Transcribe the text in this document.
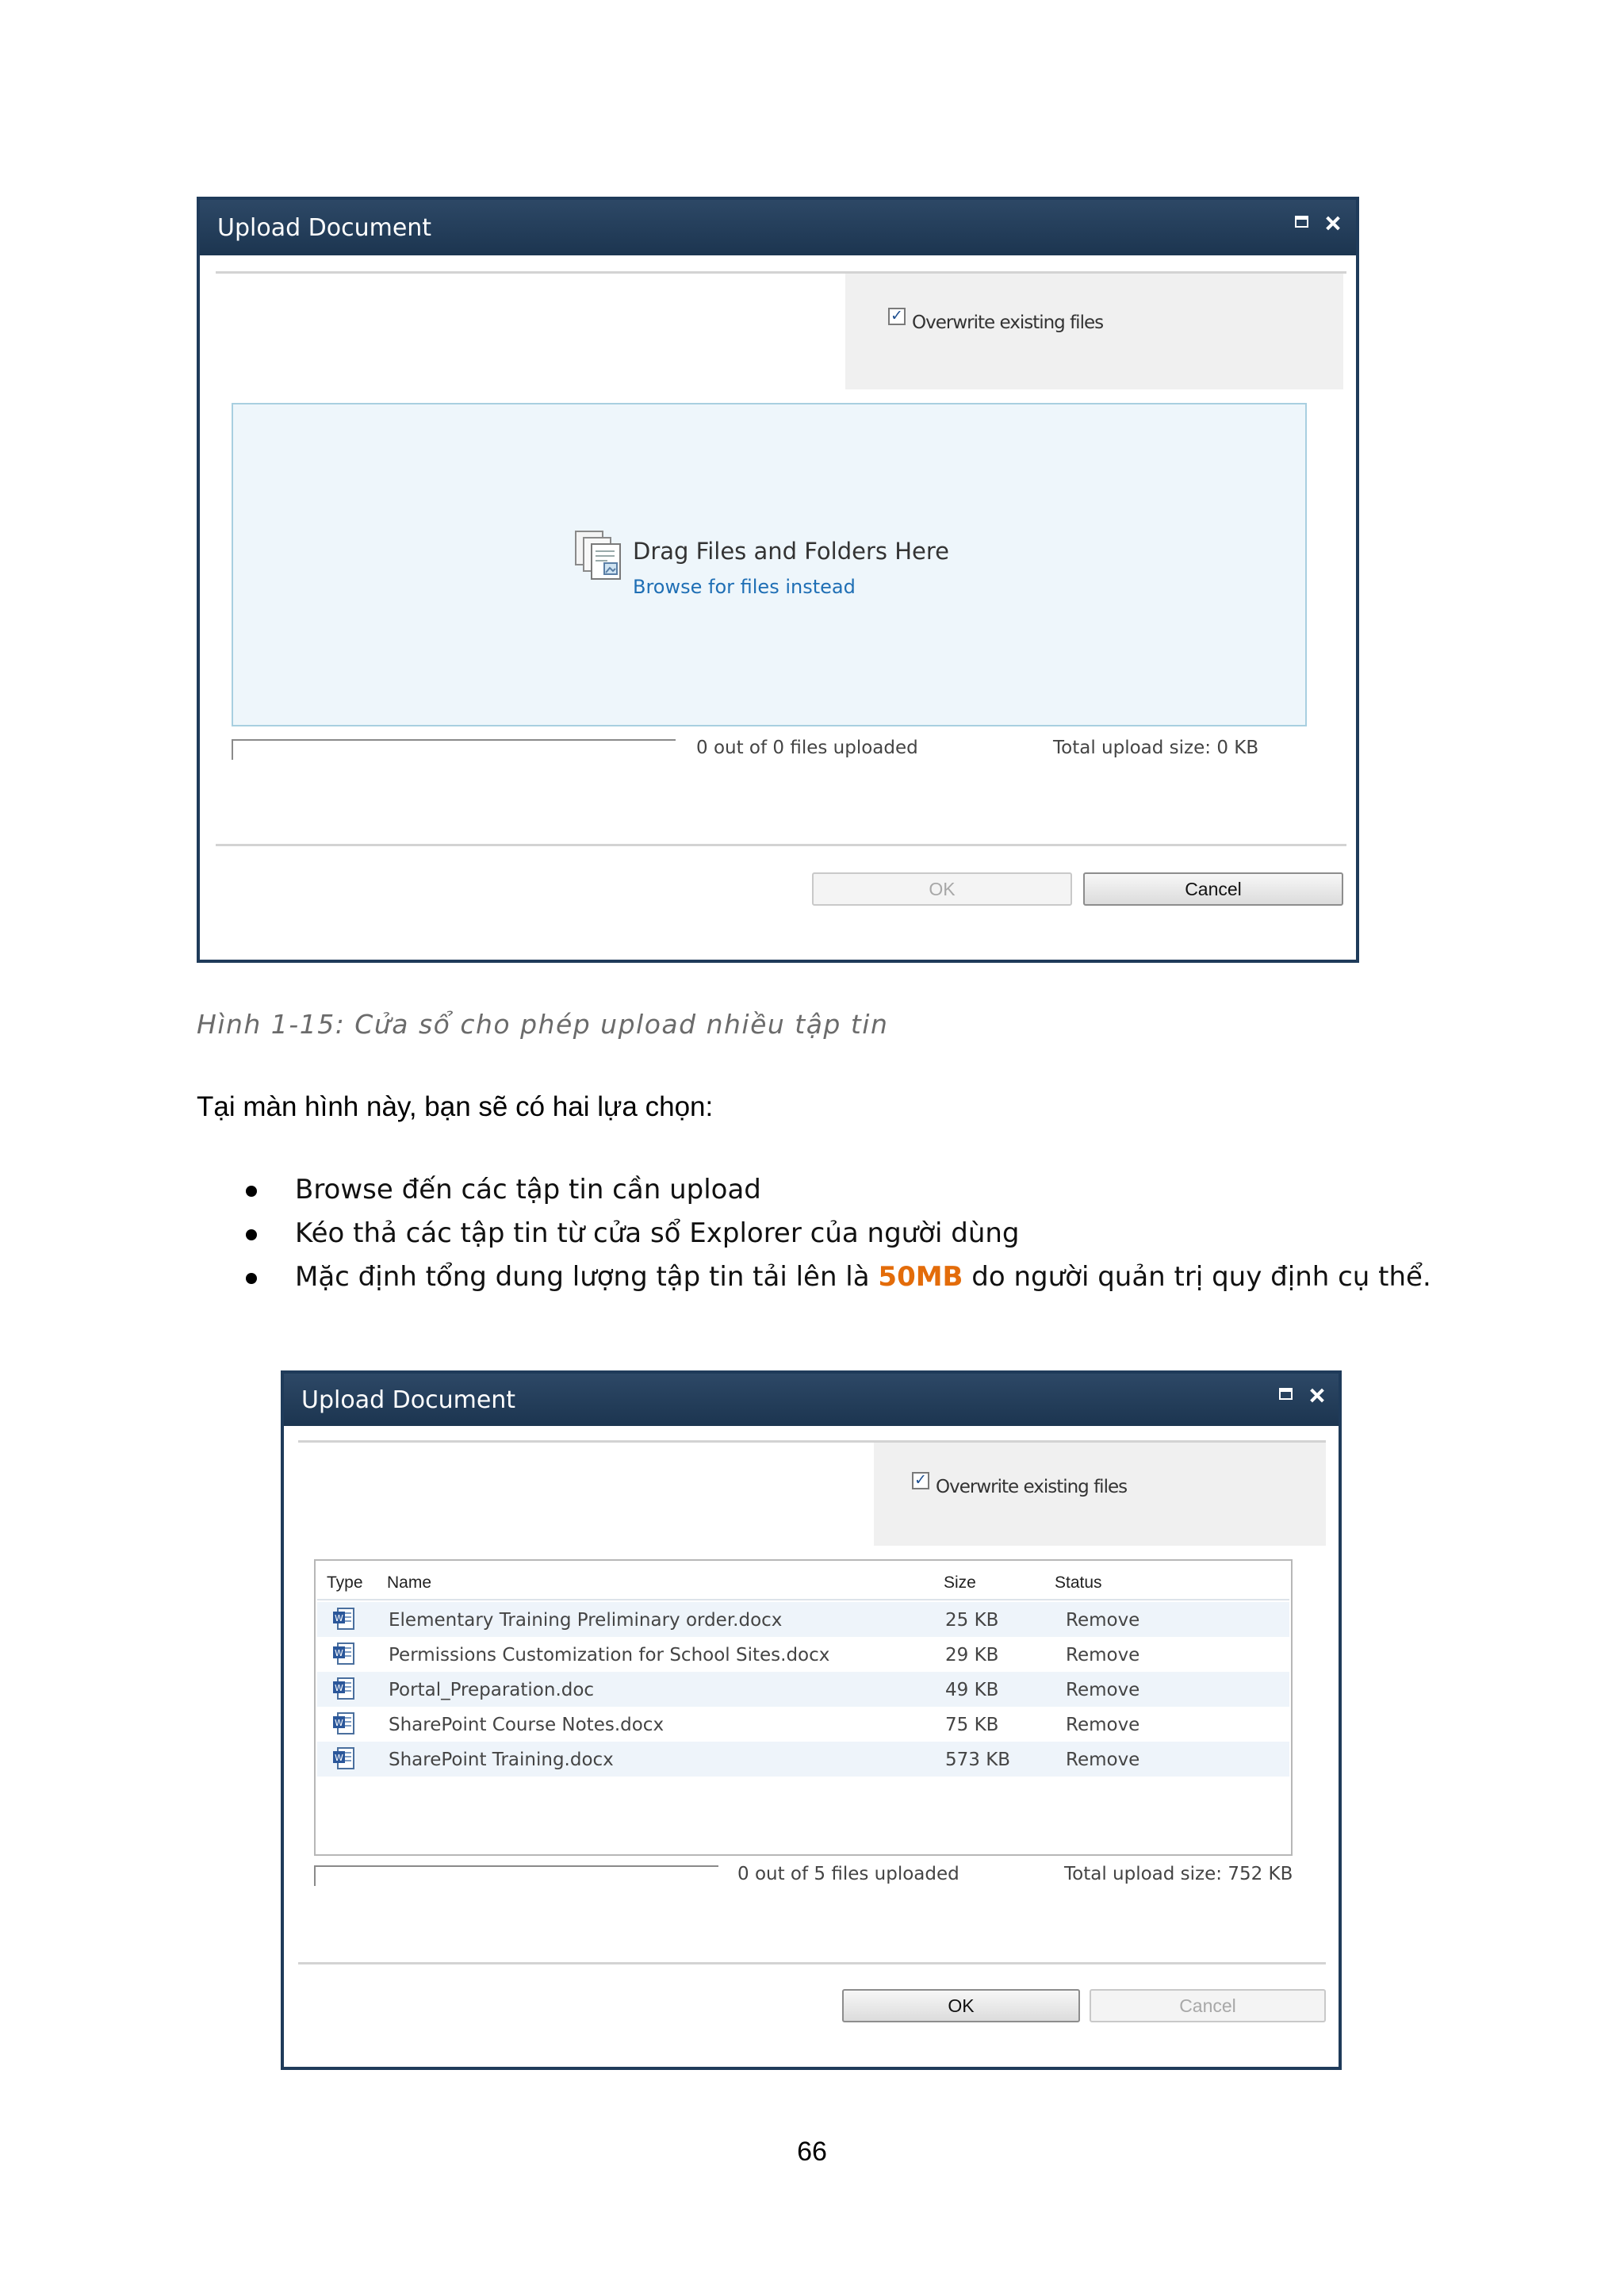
Upload Document
✓ Overwrite existing files
Drag Files and Folders Here
Browse for files instead
0 out of 0 files uploaded	Total upload size: 0 KB
OK	Cancel
Hình 1-15: Cửa sổ cho phép upload nhiều tập tin
Tại màn hình này, bạn sẽ có hai lựa chọn:
Browse đến các tập tin cần upload
Kéo thả các tập tin từ cửa sổ Explorer của người dùng
Mặc định tổng dung lượng tập tin tải lên là 50MB do người quản trị quy định cụ thể.
Upload Document
✓ Overwrite existing files
Type Name	Size	Status
W Elementary Training Preliminary order.docx	25 KB	Remove
W Permissions Customization for School Sites.docx	29 KB	Remove
W Portal_Preparation.doc	49 KB	Remove
W SharePoint Course Notes.docx	75 KB	Remove
W SharePoint Training.docx	573 KB	Remove
0 out of 5 files uploaded	Total upload size: 752 KB
OK	Cancel
66
